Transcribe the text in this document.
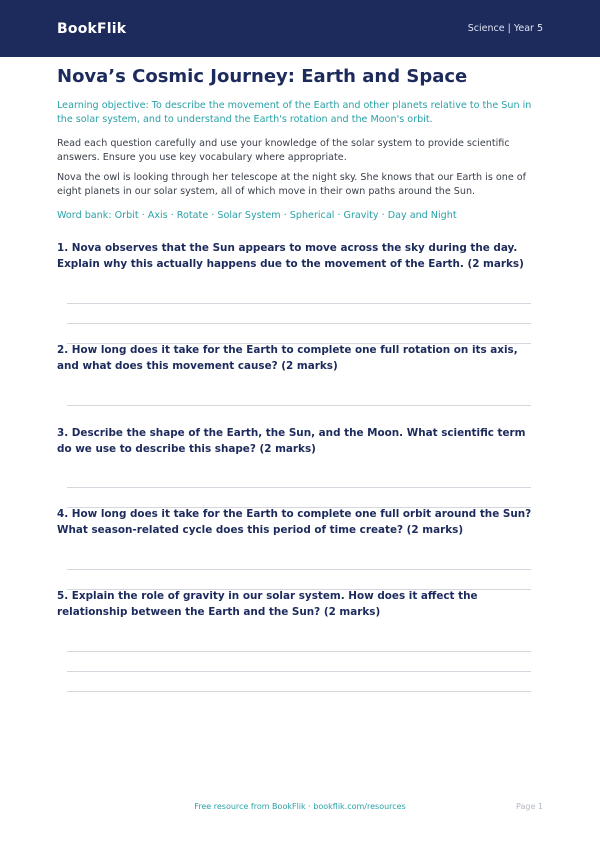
BookFlik	Science | Year 5
Nova’s Cosmic Journey: Earth and Space
Learning objective: To describe the movement of the Earth and other planets relative to the Sun in the solar system, and to understand the Earth's rotation and the Moon's orbit.
Read each question carefully and use your knowledge of the solar system to provide scientific answers. Ensure you use key vocabulary where appropriate.
Nova the owl is looking through her telescope at the night sky. She knows that our Earth is one of eight planets in our solar system, all of which move in their own paths around the Sun.
Word bank: Orbit · Axis · Rotate · Solar System · Spherical · Gravity · Day and Night
1. Nova observes that the Sun appears to move across the sky during the day. Explain why this actually happens due to the movement of the Earth. (2 marks)
2. How long does it take for the Earth to complete one full rotation on its axis, and what does this movement cause? (2 marks)
3. Describe the shape of the Earth, the Sun, and the Moon. What scientific term do we use to describe this shape? (2 marks)
4. How long does it take for the Earth to complete one full orbit around the Sun? What season-related cycle does this period of time create? (2 marks)
5. Explain the role of gravity in our solar system. How does it affect the relationship between the Earth and the Sun? (2 marks)
Free resource from BookFlik · bookflik.com/resources	Page 1
